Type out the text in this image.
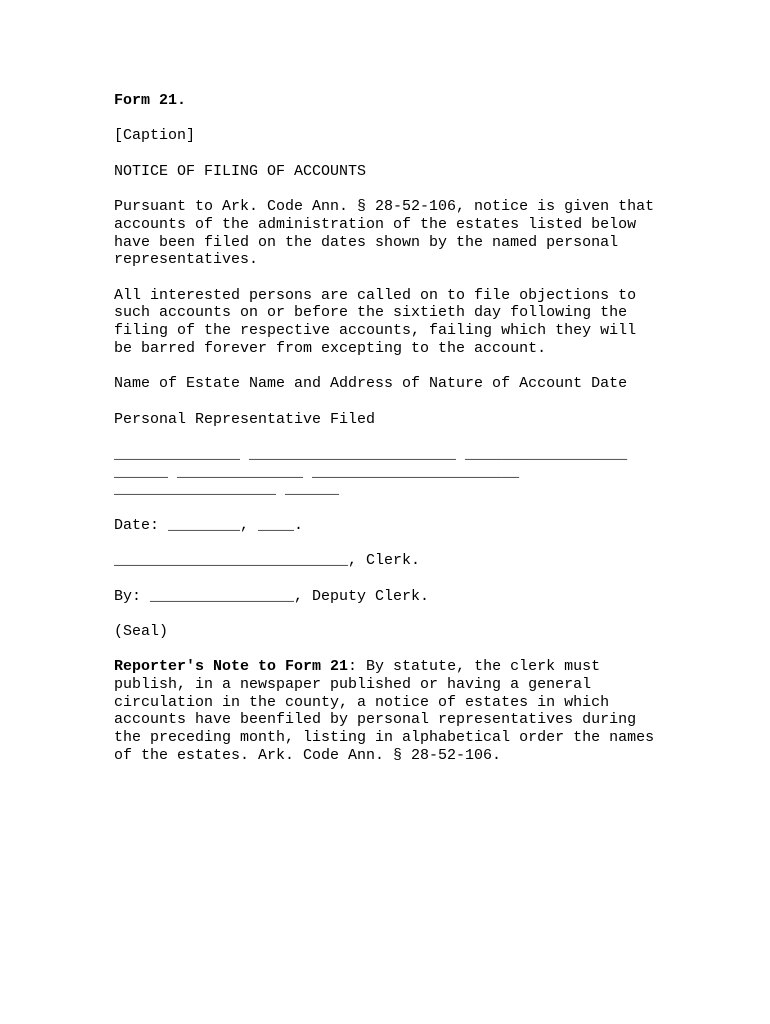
Form 21.
[Caption]
NOTICE OF FILING OF ACCOUNTS
Pursuant to Ark. Code Ann. § 28-52-106, notice is given that
accounts of the administration of the estates listed below
have been filed on the dates shown by the named personal
representatives.
All interested persons are called on to file objections to
such accounts on or before the sixtieth day following the
filing of the respective accounts, failing which they will
be barred forever from excepting to the account.
Name of Estate Name and Address of Nature of Account Date
Personal Representative Filed
______________ _______________________ __________________
______ ______________ _______________________
__________________ ______
Date: ________, ____.
__________________________, Clerk.
By: ________________, Deputy Clerk.
(Seal)
Reporter's Note to Form 21: By statute, the clerk must
publish, in a newspaper published or having a general
circulation in the county, a notice of estates in which
accounts have beenfiled by personal representatives during
the preceding month, listing in alphabetical order the names
of the estates. Ark. Code Ann. § 28-52-106.
